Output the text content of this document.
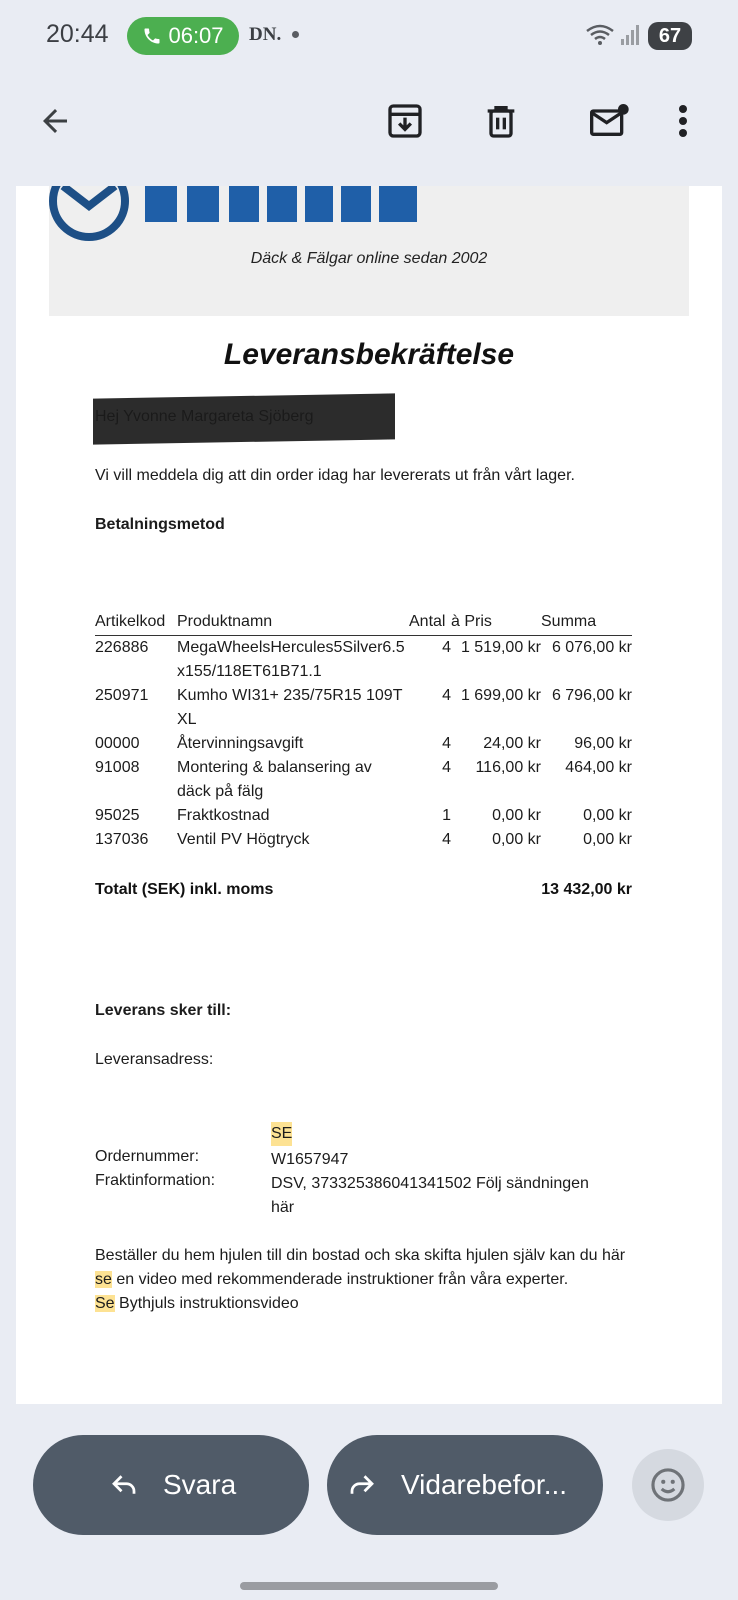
20:44	06:07 DN.	67
Däck & Fälgar online sedan 2002
Leveransbekräftelse
Vi vill meddela dig att din order idag har levererats ut från vårt lager.
Betalningsmetod
Artikelkod	Produktnamn	Antal	à Pris	Summa
226886	MegaWheelsHercules5Silver6.5x155/118ET61B71.1	4	1 519,00 kr	6 076,00 kr
250971	Kumho WI31+ 235/75R15 109T XL	4	1 699,00 kr	6 796,00 kr
00000	Återvinningsavgift	4	24,00 kr	96,00 kr
91008	Montering & balansering av däck på fälg	4	116,00 kr	464,00 kr
95025	Fraktkostnad	1	0,00 kr	0,00 kr
137036	Ventil PV Högtryck	4	0,00 kr	0,00 kr
Totalt (SEK) inkl. moms	13 432,00 kr
Leverans sker till:
Leveransadress:
SE
Ordernummer:	W1657947
Fraktinformation:	DSV, 373325386041341502 Följ sändningen här
Beställer du hem hjulen till din bostad och ska skifta hjulen själv kan du här se en video med rekommenderade instruktioner från våra experter.
Se Bythjuls instruktionsvideo
Svara	Vidarebefor...
